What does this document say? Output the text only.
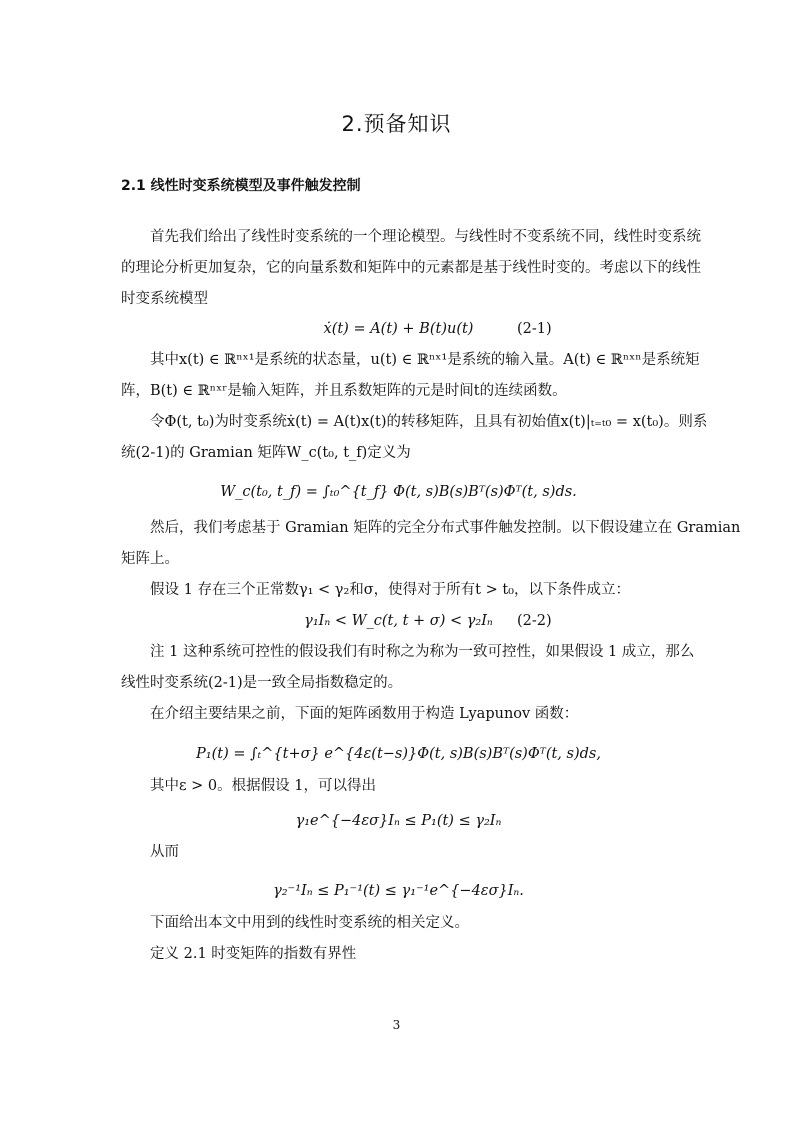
2.预备知识
2.1 线性时变系统模型及事件触发控制
首先我们给出了线性时变系统的一个理论模型。与线性时不变系统不同，线性时变系统
的理论分析更加复杂，它的向量系数和矩阵中的元素都是基于线性时变的。考虑以下的线性
时变系统模型
ẋ(t) = A(t) + B(t)u(t)	(2-1)
其中x(t) ∈ ℝⁿˣ¹是系统的状态量，u(t) ∈ ℝⁿˣ¹是系统的输入量。A(t) ∈ ℝⁿˣⁿ是系统矩
阵，B(t) ∈ ℝⁿˣʳ是输入矩阵，并且系数矩阵的元是时间t的连续函数。
令Φ(t, t₀)为时变系统ẋ(t) = A(t)x(t)的转移矩阵，且具有初始值x(t)|ₜ₌ₜ₀ = x(t₀)。则系
统(2-1)的 Gramian 矩阵W_c(t₀, t_f)定义为
W_c(t₀, t_f) = ∫ₜ₀^{t_f} Φ(t, s)B(s)Bᵀ(s)Φᵀ(t, s)ds.
然后，我们考虑基于 Gramian 矩阵的完全分布式事件触发控制。以下假设建立在 Gramian
矩阵上。
假设 1 存在三个正常数γ₁ < γ₂和σ，使得对于所有t > t₀，以下条件成立：
γ₁Iₙ < W_c(t, t + σ) < γ₂Iₙ	(2-2)
注 1 这种系统可控性的假设我们有时称之为称为一致可控性，如果假设 1 成立，那么
线性时变系统(2-1)是一致全局指数稳定的。
在介绍主要结果之前，下面的矩阵函数用于构造 Lyapunov 函数：
P₁(t) = ∫ₜ^{t+σ} e^{4ε(t−s)}Φ(t, s)B(s)Bᵀ(s)Φᵀ(t, s)ds,
其中ε > 0。根据假设 1，可以得出
γ₁e^{−4εσ}Iₙ ≤ P₁(t) ≤ γ₂Iₙ
从而
γ₂⁻¹Iₙ ≤ P₁⁻¹(t) ≤ γ₁⁻¹e^{−4εσ}Iₙ.
下面给出本文中用到的线性时变系统的相关定义。
定义 2.1 时变矩阵的指数有界性
3
